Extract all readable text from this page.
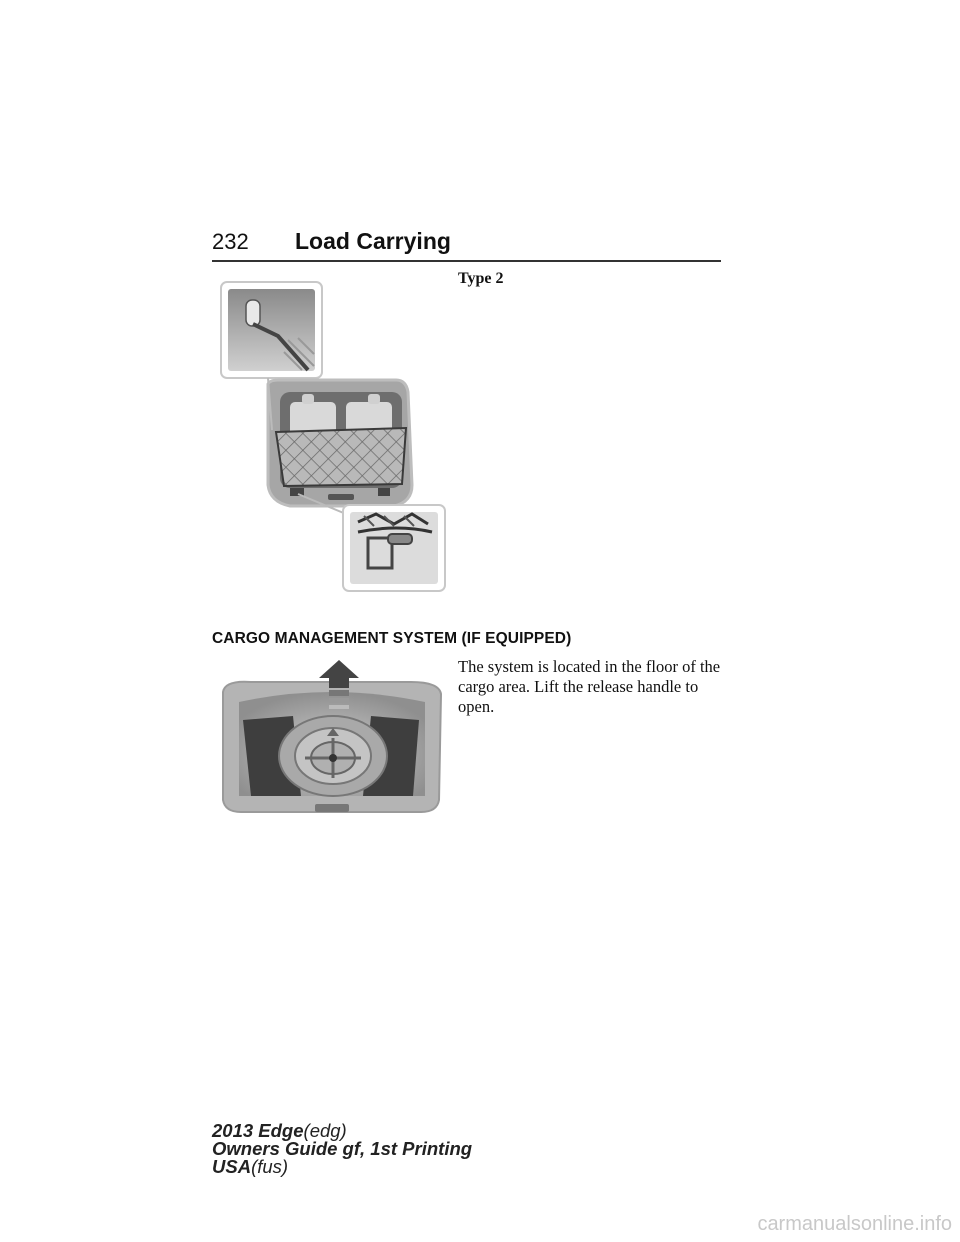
232 Load Carrying
Type 2
CARGO MANAGEMENT SYSTEM (IF EQUIPPED)
The system is located in the floor of the cargo area. Lift the release handle to open.
2013 Edge(edg)
Owners Guide gf, 1st Printing
USA(fus)
carmanualsonline.info
